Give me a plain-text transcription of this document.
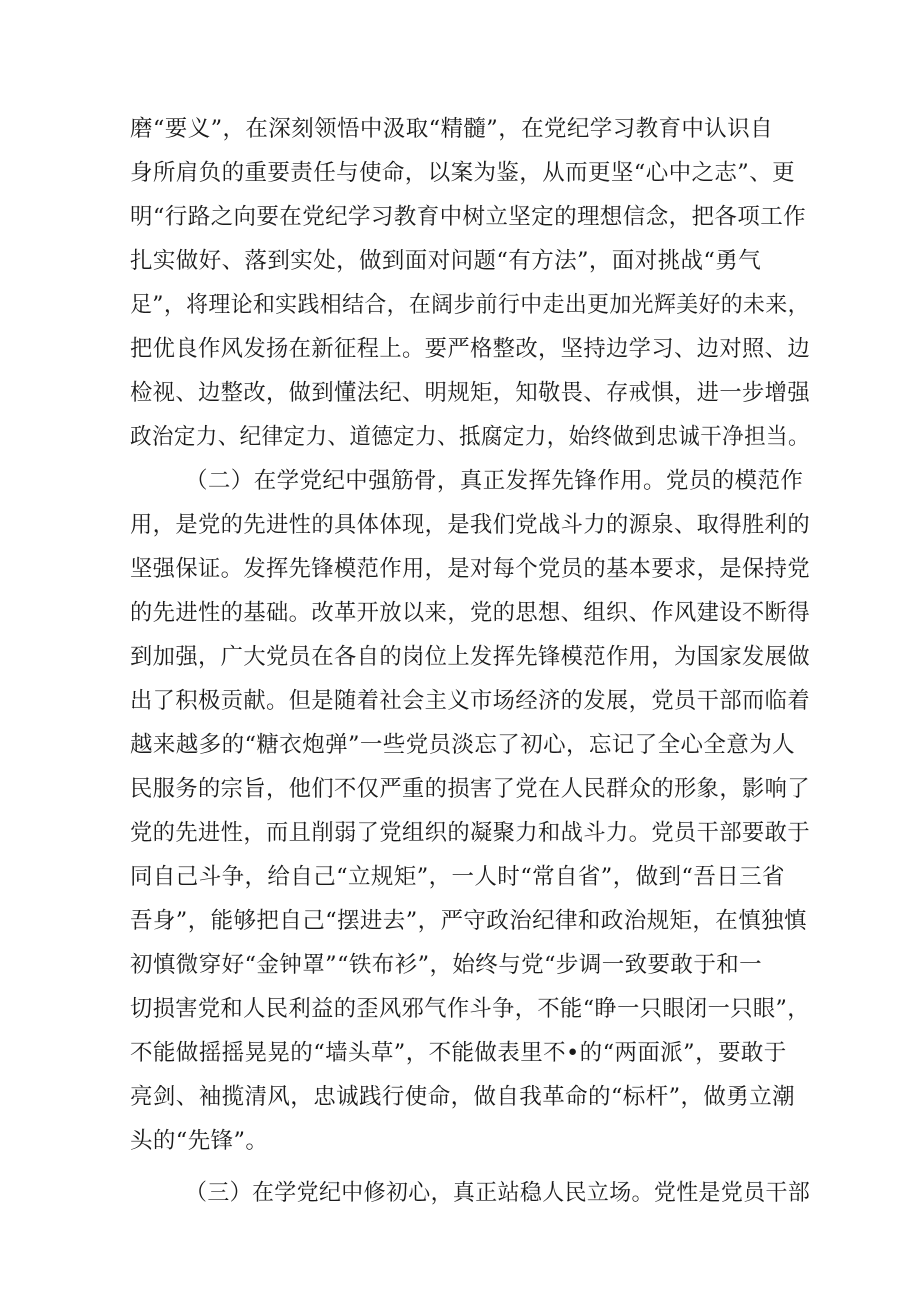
磨“要义”，在深刻领悟中汲取“精髓”，在党纪学习教育中认识自
身所肩负的重要责任与使命，以案为鉴，从而更坚“心中之志”、更
明“行路之向要在党纪学习教育中树立坚定的理想信念，把各项工作
扎实做好、落到实处，做到面对问题“有方法”，面对挑战“勇气
足”，将理论和实践相结合，在阔步前行中走出更加光辉美好的未来，
把优良作风发扬在新征程上。要严格整改，坚持边学习、边对照、边
检视、边整改，做到懂法纪、明规矩，知敬畏、存戒惧，进一步增强
政治定力、纪律定力、道德定力、抵腐定力，始终做到忠诚干净担当。
（二）在学党纪中强筋骨，真正发挥先锋作用。党员的模范作
用，是党的先进性的具体体现，是我们党战斗力的源泉、取得胜利的
坚强保证。发挥先锋模范作用，是对每个党员的基本要求，是保持党
的先进性的基础。改革开放以来，党的思想、组织、作风建设不断得
到加强，广大党员在各自的岗位上发挥先锋模范作用，为国家发展做
出了积极贡献。但是随着社会主义市场经济的发展，党员干部而临着
越来越多的“糖衣炮弹”一些党员淡忘了初心，忘记了全心全意为人
民服务的宗旨，他们不仅严重的损害了党在人民群众的形象，影响了
党的先进性，而且削弱了党组织的凝聚力和战斗力。党员干部要敢于
同自己斗争，给自己“立规矩”，一人时“常自省”，做到“吾日三省
吾身”，能够把自己“摆进去”，严守政治纪律和政治规矩，在慎独慎
初慎微穿好“金钟罩”“铁布衫”，始终与党“步调一致要敢于和一
切损害党和人民利益的歪风邪气作斗争，不能“睁一只眼闭一只眼”，
不能做摇摇晃晃的“墙头草”，不能做表里不•的“两面派”，要敢于
亮剑、袖揽清风，忠诚践行使命，做自我革命的“标杆”，做勇立潮
头的“先锋”。
（三）在学党纪中修初心，真正站稳人民立场。党性是党员干部
